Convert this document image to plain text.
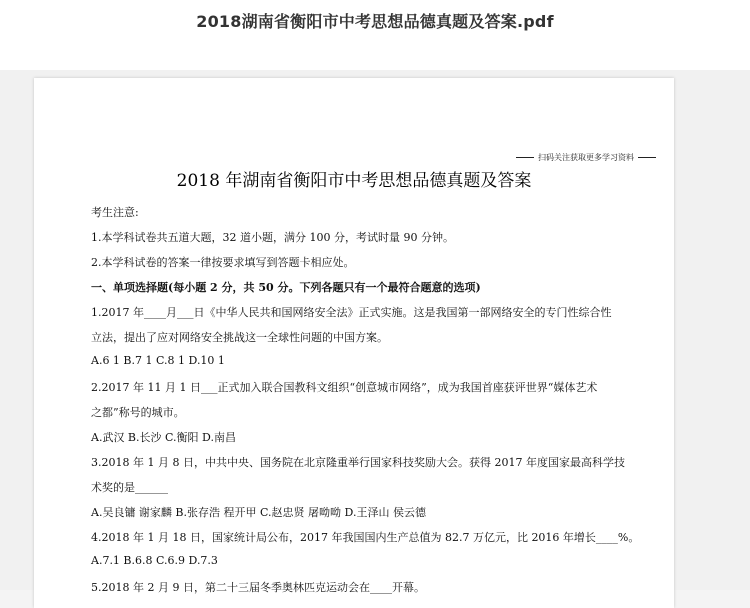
2018湖南省衡阳市中考思想品德真题及答案.pdf
扫码关注获取更多学习资料
2018 年湖南省衡阳市中考思想品德真题及答案
考生注意:
1.本学科试卷共五道大题，32 道小题，满分 100 分，考试时量 90 分钟。
2.本学科试卷的答案一律按要求填写到答题卡相应处。
一、单项选择题(每小题 2 分，共 50 分。下列各题只有一个最符合题意的选项)
1.2017 年____月___日《中华人民共和国网络安全法》正式实施。这是我国第一部网络安全的专门性综合性
立法，提出了应对网络安全挑战这一全球性问题的中国方案。
A.6 1 B.7 1 C.8 1 D.10 1
2.2017 年 11 月 1 日___正式加入联合国教科文组织“创意城市网络”，成为我国首座获评世界“媒体艺术
之都”称号的城市。
A.武汉 B.长沙 C.衡阳 D.南昌
3.2018 年 1 月 8 日，中共中央、国务院在北京隆重举行国家科技奖励大会。获得 2017 年度国家最高科学技
术奖的是______
A.吴良镛 谢家麟 B.张存浩 程开甲 C.赵忠贤 屠呦呦 D.王泽山 侯云德
4.2018 年 1 月 18 日，国家统计局公布，2017 年我国国内生产总值为 82.7 万亿元，比 2016 年增长____%。
A.7.1 B.6.8 C.6.9 D.7.3
5.2018 年 2 月 9 日，第二十三届冬季奥林匹克运动会在____开幕。
